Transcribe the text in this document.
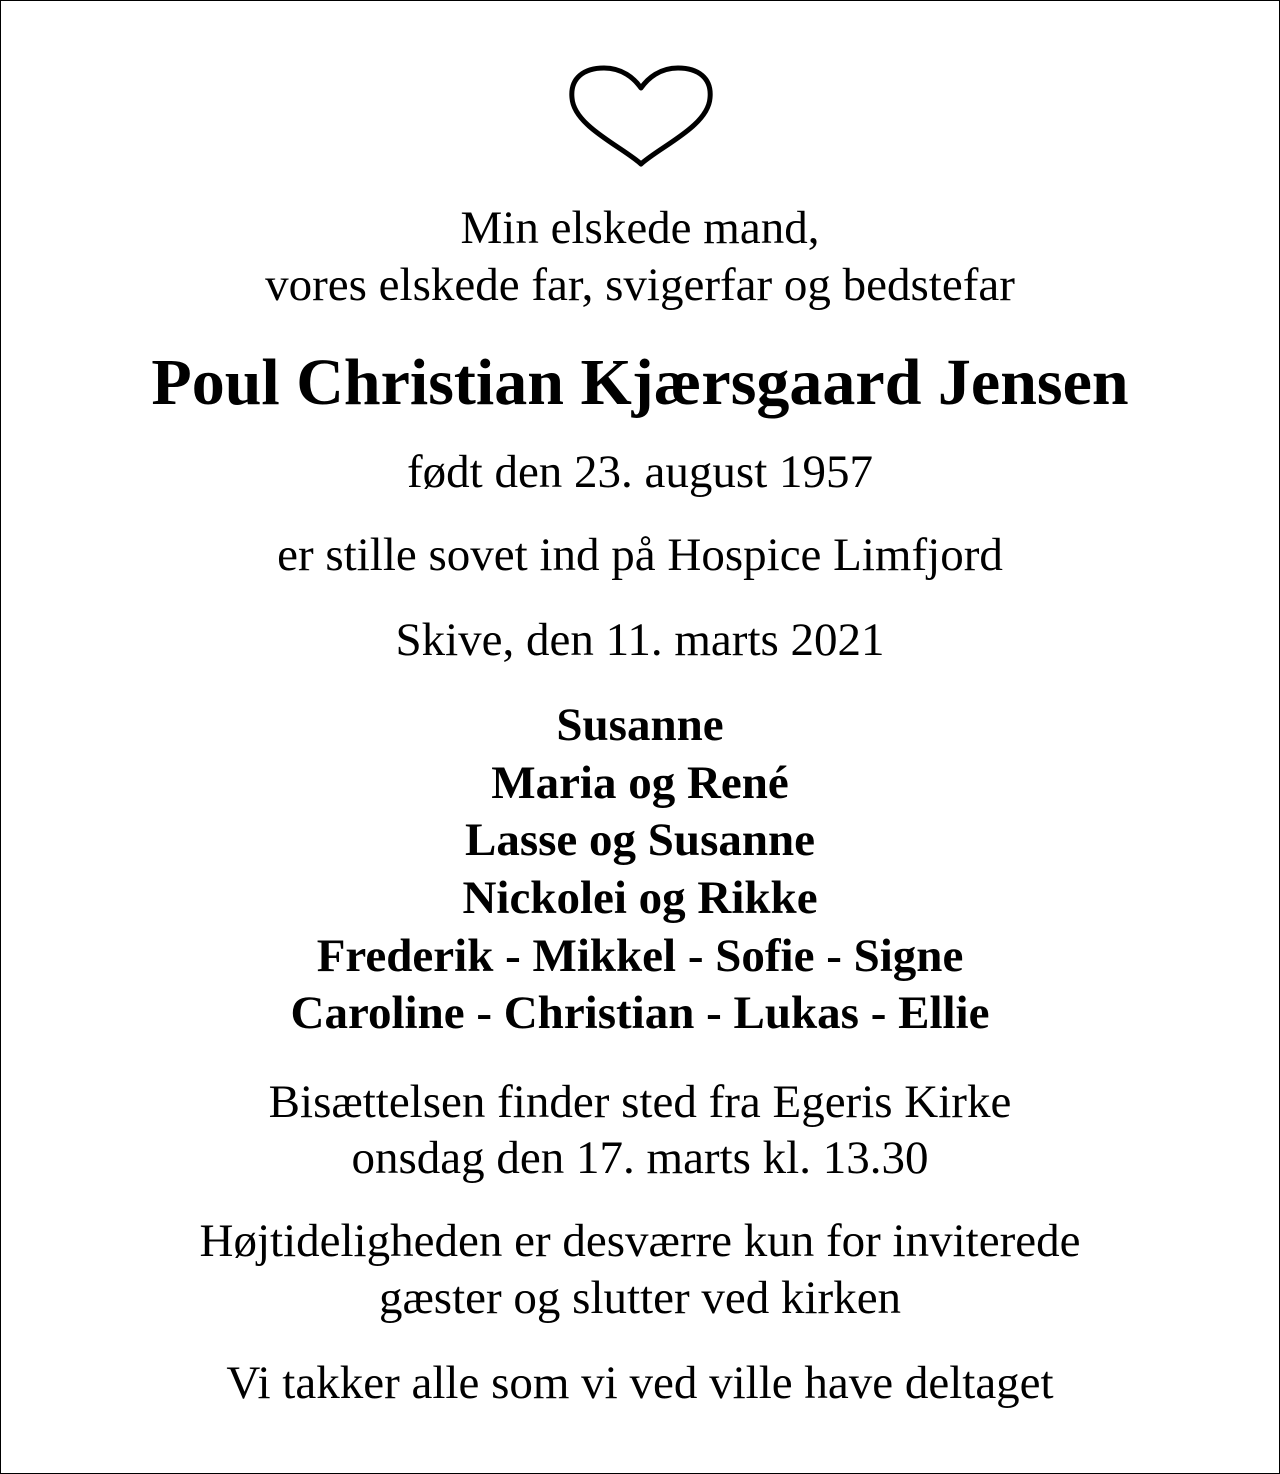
Min elskede mand,
vores elskede far, svigerfar og bedstefar
Poul Christian Kjærsgaard Jensen
født den 23. august 1957
er stille sovet ind på Hospice Limfjord
Skive, den 11. marts 2021
Susanne
Maria og René
Lasse og Susanne
Nickolei og Rikke
Frederik - Mikkel - Sofie - Signe
Caroline - Christian - Lukas - Ellie
Bisættelsen finder sted fra Egeris Kirke
onsdag den 17. marts kl. 13.30
Højtideligheden er desværre kun for inviterede
gæster og slutter ved kirken
Vi takker alle som vi ved ville have deltaget
